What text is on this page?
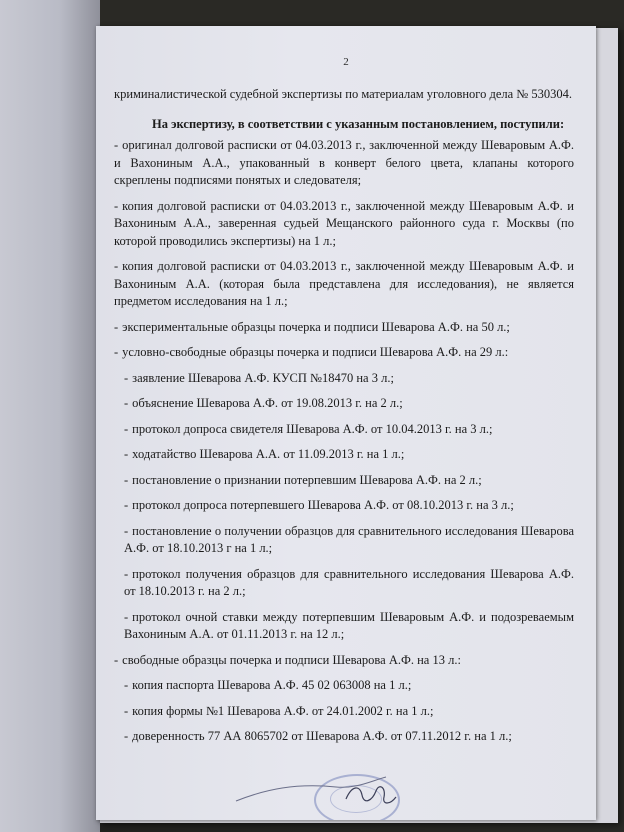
2

криминалистической судебной экспертизы по материалам уголовного дела № 530304.

На экспертизу, в соответствии с указанным постановлением, поступили:

- оригинал долговой расписки от 04.03.2013 г., заключенной между Шеваровым А.Ф. и Вахониным А.А., упакованный в конверт белого цвета, клапаны которого скреплены подписями понятых и следователя;

- копия долговой расписки от 04.03.2013 г., заключенной между Шеваровым А.Ф. и Вахониным А.А., заверенная судьей Мещанского районного суда г. Москвы (по которой проводились экспертизы) на 1 л.;

- копия долговой расписки от 04.03.2013 г., заключенной между Шеваровым А.Ф. и Вахониным А.А. (которая была представлена для исследования), не является предметом исследования на 1 л.;

- экспериментальные образцы почерка и подписи Шеварова А.Ф. на 50 л.;

- условно-свободные образцы почерка и подписи Шеварова А.Ф. на 29 л.:

- заявление Шеварова А.Ф. КУСП №18470 на 3 л.;

- объяснение Шеварова А.Ф. от 19.08.2013 г. на 2 л.;

- протокол допроса свидетеля Шеварова А.Ф. от 10.04.2013 г. на 3 л.;

- ходатайство Шеварова А.А. от 11.09.2013 г. на 1 л.;

- постановление о признании потерпевшим Шеварова А.Ф. на 2 л.;

- протокол допроса потерпевшего Шеварова А.Ф. от 08.10.2013 г. на 3 л.;

- постановление о получении образцов для сравнительного исследования Шеварова А.Ф. от 18.10.2013 г на 1 л.;

- протокол получения образцов для сравнительного исследования Шеварова А.Ф. от 18.10.2013 г. на 2 л.;

- протокол очной ставки между потерпевшим Шеваровым А.Ф. и подозреваемым Вахониным А.А. от 01.11.2013 г. на 12 л.;

- свободные образцы почерка и подписи Шеварова А.Ф. на 13 л.:

- копия паспорта Шеварова А.Ф. 45 02 063008 на 1 л.;

- копия формы №1 Шеварова А.Ф. от 24.01.2002 г. на 1 л.;

- доверенность 77 АА 8065702 от Шеварова А.Ф. от 07.11.2012 г. на 1 л.;
